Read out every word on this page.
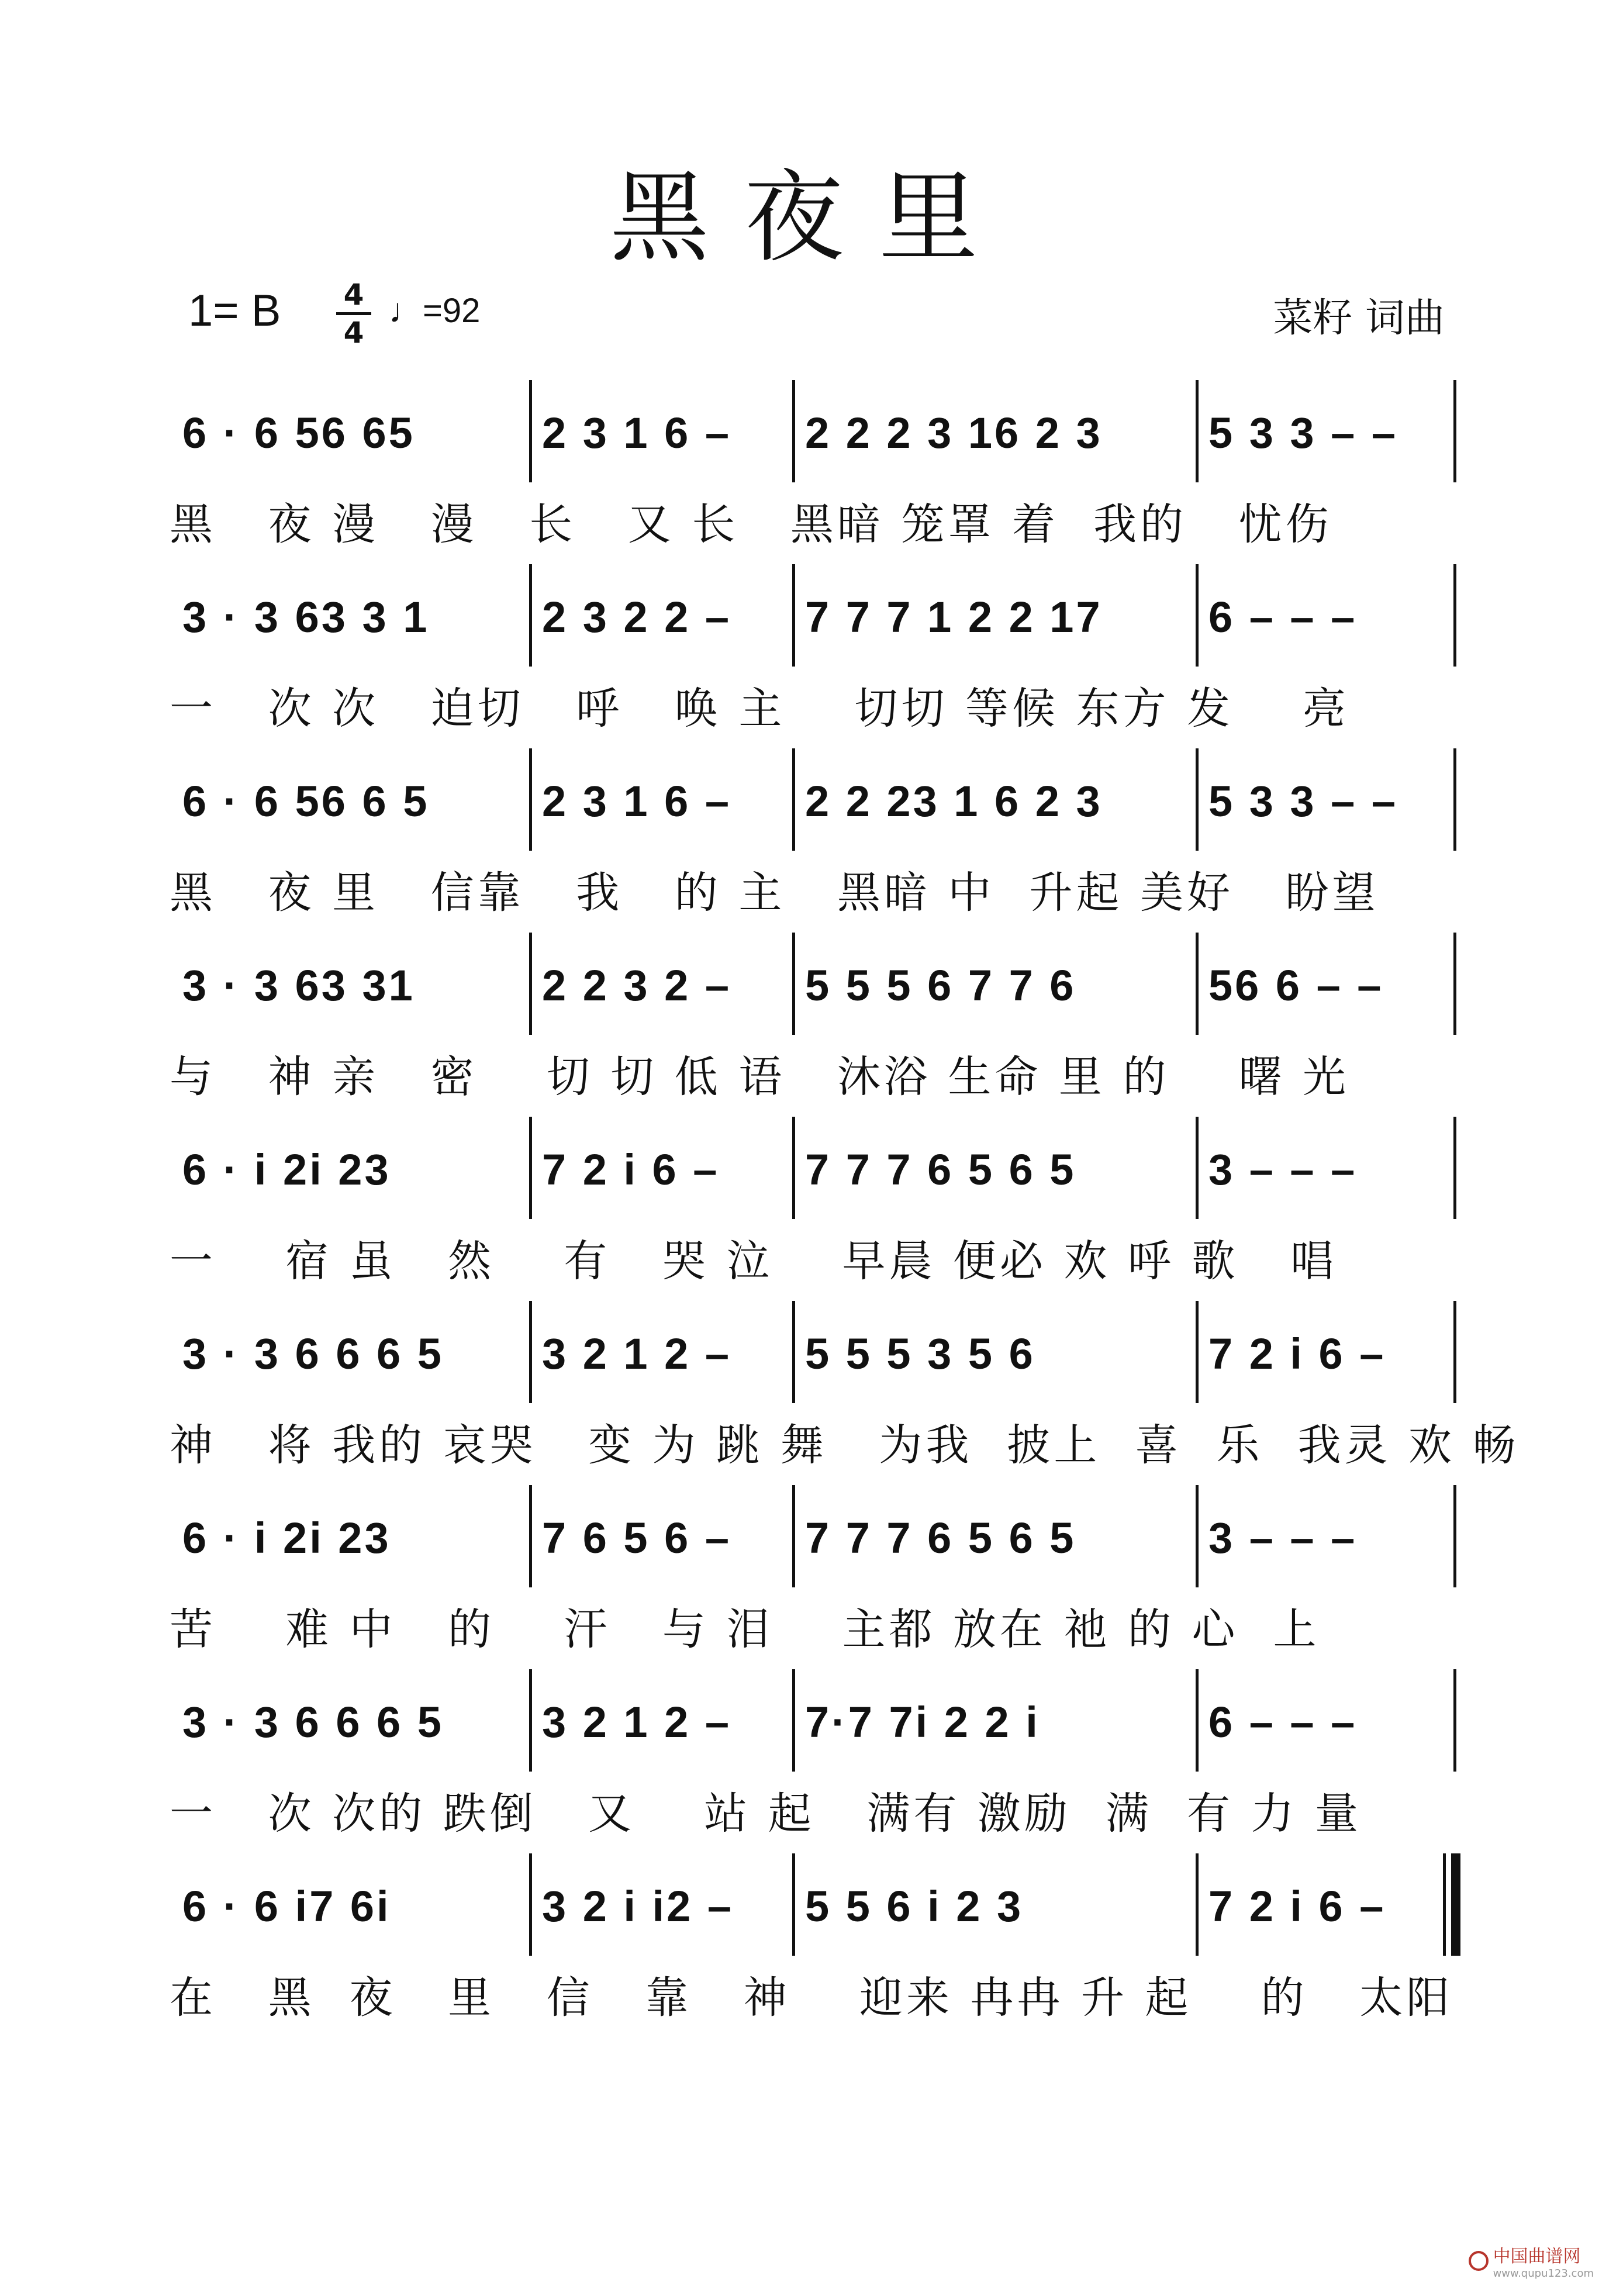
黑夜里
1= B 4
4
♩=92	菜籽 词曲
6 · 6 56 65	2 3 1 6 –	2 2 2 3 16 2 3	5 3 3 – –
黑   夜 漫   漫   长   又 长   黑暗 笼罩 着  我的   忧伤
3 · 3 63 3 1	2 3 2 2 –	7 7 7 1 2 2 17	6 – – –
一   次 次   迫切   呼   唤 主    切切 等候 东方 发    亮
6 · 6 56 6 5	2 3 1 6 –	2 2 23 1 6 2 3	5 3 3 – –
黑   夜 里   信靠   我   的 主   黑暗 中  升起 美好   盼望
3 · 3 63 31	2 2 3 2 –	5 5 5 6 7 7 6	56 6 – –
与   神 亲   密    切 切 低 语   沐浴 生命 里 的    曙 光
6 · i 2i 23	7 2 i 6 –	7 7 7 6 5 6 5	3 – – –
一    宿 虽   然    有   哭 泣    早晨 便必 欢 呼 歌   唱
3 · 3 6 6 6 5	3 2 1 2 –	5 5 5 3 5 6	7 2 i 6 –
神   将 我的 哀哭   变 为 跳 舞   为我  披上  喜  乐  我灵 欢 畅
6 · i 2i 23	7 6 5 6 –	7 7 7 6 5 6 5	3 – – –
苦    难 中   的    汗   与 泪    主都 放在 祂 的 心  上
3 · 3 6 6 6 5	3 2 1 2 –	7·7 7i 2 2 i	6 – – –
一   次 次的 跌倒   又    站 起   满有 激励  满  有 力 量
6 · 6 i7 6i	3 2 i i2 –	5 5 6 i 2 3	7 2 i 6 –
在   黑  夜   里   信   靠   神    迎来 冉冉 升 起    的   太阳
中国曲谱网
www.qupu123.com
